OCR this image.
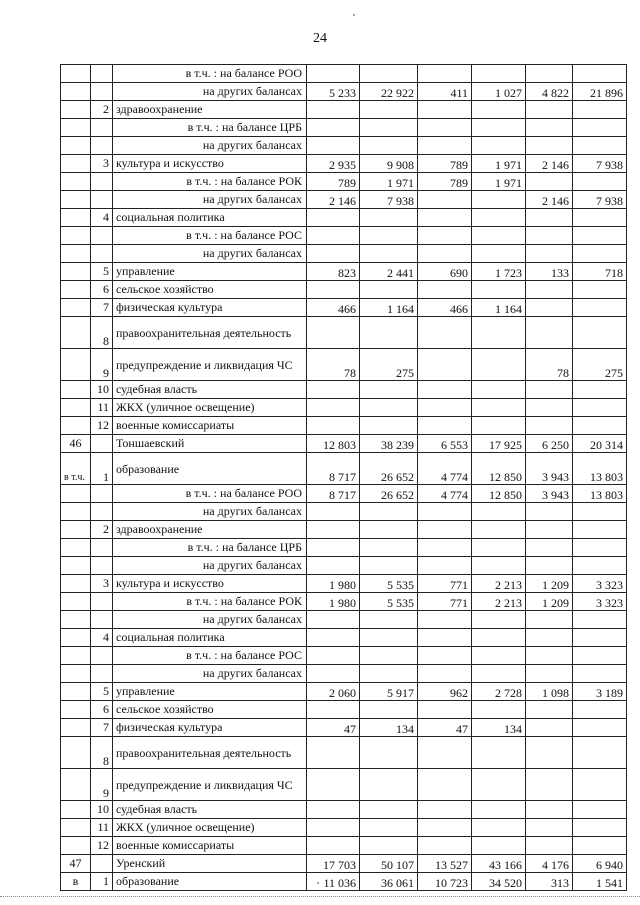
24
		в т.ч. : на балансе РОО						
		на других балансах	5 233	22 922	411	1 027	4 822	21 896
	2	здравоохранение						
		в т.ч. : на балансе ЦРБ						
		на других балансах						
	3	культура и искусство	2 935	9 908	789	1 971	2 146	7 938
		в т.ч. : на балансе РОК	789	1 971	789	1 971		
		на других балансах	2 146	7 938			2 146	7 938
	4	социальная политика						
		в т.ч. : на балансе РОС						
		на других балансах						
	5	управление	823	2 441	690	1 723	133	718
	6	сельское хозяйство						
	7	физическая культура	466	1 164	466	1 164		
	8	правоохранительная деятельность						
	9	предупреждение и ликвидация ЧС	78	275			78	275
	10	судебная власть						
	11	ЖКХ (уличное освещение)						
	12	военные комиссариаты						
46		Тоншаевский	12 803	38 239	6 553	17 925	6 250	20 314
в т.ч.	1	образование	8 717	26 652	4 774	12 850	3 943	13 803
		в т.ч. : на балансе РОО	8 717	26 652	4 774	12 850	3 943	13 803
		на других балансах						
	2	здравоохранение						
		в т.ч. : на балансе ЦРБ						
		на других балансах						
	3	культура и искусство	1 980	5 535	771	2 213	1 209	3 323
		в т.ч. : на балансе РОК	1 980	5 535	771	2 213	1 209	3 323
		на других балансах						
	4	социальная политика						
		в т.ч. : на балансе РОС						
		на других балансах						
	5	управление	2 060	5 917	962	2 728	1 098	3 189
	6	сельское хозяйство						
	7	физическая культура	47	134	47	134		
	8	правоохранительная деятельность						
	9	предупреждение и ликвидация ЧС						
	10	судебная власть						
	11	ЖКХ (уличное освещение)						
	12	военные комиссариаты						
47		Уренский	17 703	50 107	13 527	43 166	4 176	6 940
в	1	образование	11 036	36 061	10 723	34 520	313	1 541
